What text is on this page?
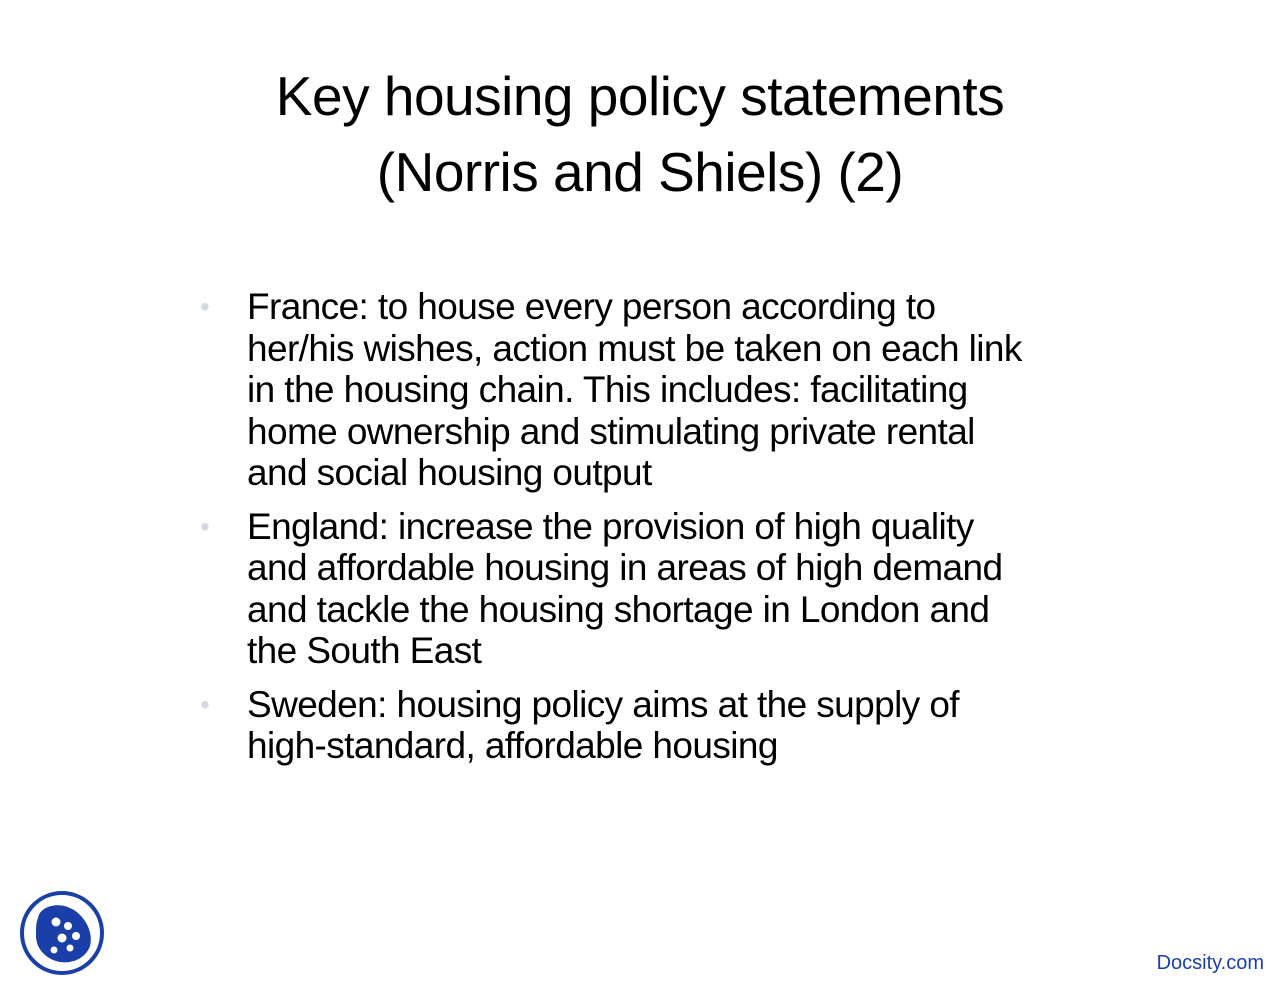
Key housing policy statements
(Norris and Shiels) (2)
• France: to house every person according to
her/his wishes, action must be taken on each link
in the housing chain. This includes: facilitating
home ownership and stimulating private rental
and social housing output
• England: increase the provision of high quality
and affordable housing in areas of high demand
and tackle the housing shortage in London and
the South East
• Sweden: housing policy aims at the supply of
high-standard, affordable housing
Docsity.com
